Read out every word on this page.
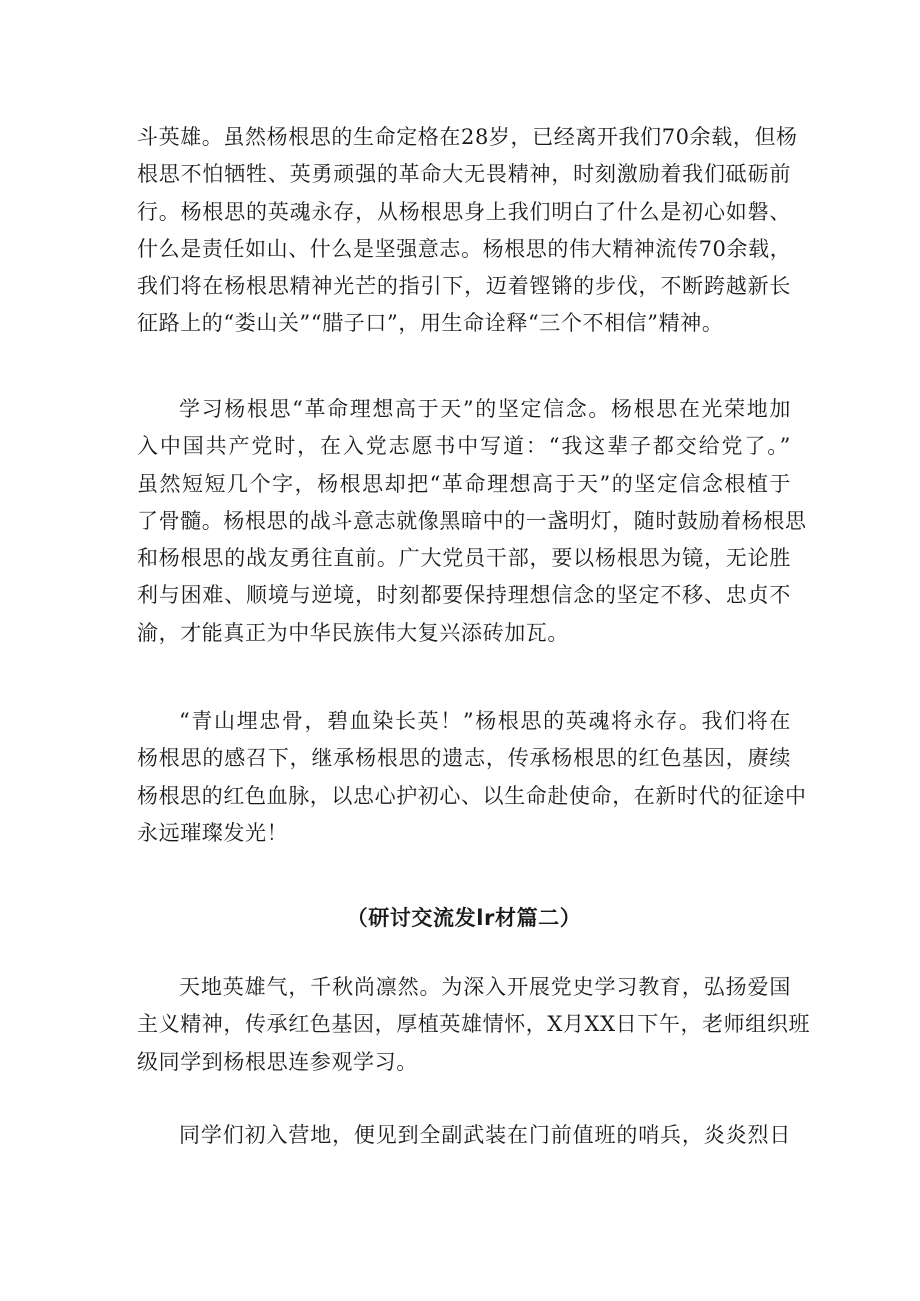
斗英雄。虽然杨根思的生命定格在28岁，已经离开我们70余载，但杨
根思不怕牺牲、英勇顽强的革命大无畏精神，时刻激励着我们砥砺前
行。杨根思的英魂永存，从杨根思身上我们明白了什么是初心如磐、
什么是责任如山、什么是坚强意志。杨根思的伟大精神流传70余载，
我们将在杨根思精神光芒的指引下，迈着铿锵的步伐，不断跨越新长
征路上的“娄山关”“腊子口”，用生命诠释“三个不相信”精神。
学习杨根思“革命理想高于天”的坚定信念。杨根思在光荣地加
入中国共产党时，在入党志愿书中写道：“我这辈子都交给党了。”
虽然短短几个字，杨根思却把“革命理想高于天”的坚定信念根植于
了骨髓。杨根思的战斗意志就像黑暗中的一盏明灯，随时鼓励着杨根思
和杨根思的战友勇往直前。广大党员干部，要以杨根思为镜，无论胜
利与困难、顺境与逆境，时刻都要保持理想信念的坚定不移、忠贞不
渝，才能真正为中华民族伟大复兴添砖加瓦。
“青山埋忠骨，碧血染长英！”杨根思的英魂将永存。我们将在
杨根思的感召下，继承杨根思的遗志，传承杨根思的红色基因，赓续
杨根思的红色血脉，以忠心护初心、以生命赴使命，在新时代的征途中
永远璀璨发光！
（研讨交流发lr材篇二）
天地英雄气，千秋尚凛然。为深入开展党史学习教育，弘扬爱国
主义精神，传承红色基因，厚植英雄情怀，X月XX日下午，老师组织班
级同学到杨根思连参观学习。
同学们初入营地，便见到全副武装在门前值班的哨兵，炎炎烈日
